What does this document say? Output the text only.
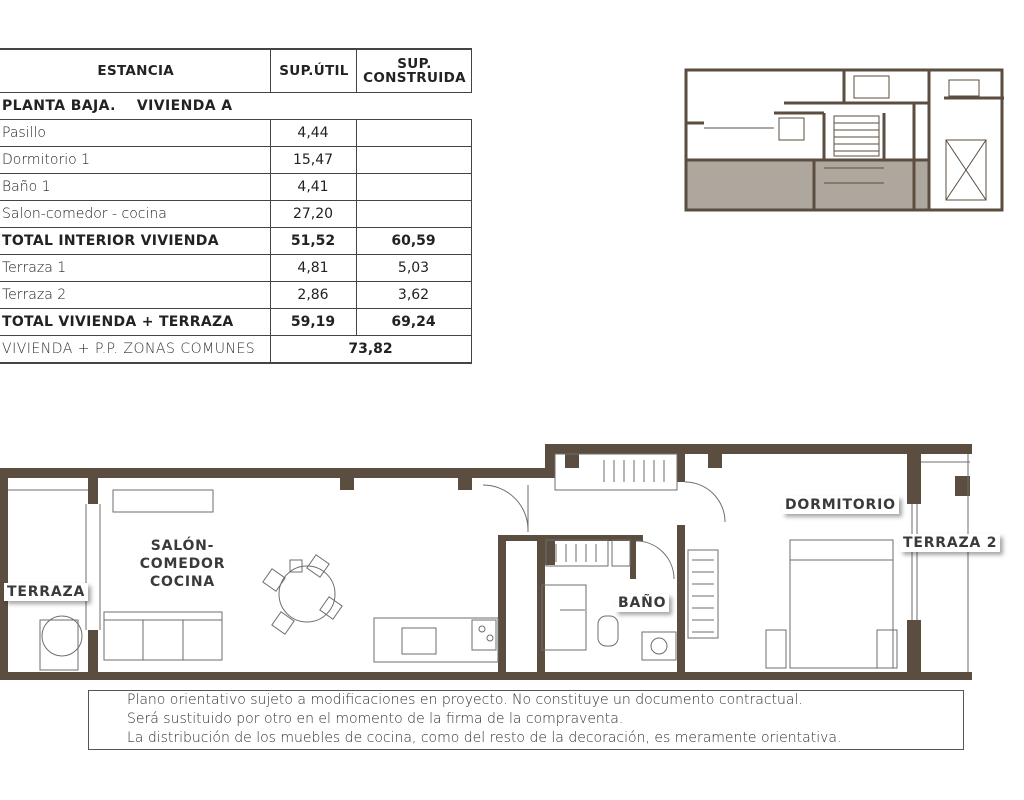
ESTANCIA	SUP.ÚTIL	SUP.
CONSTRUIDA
PLANTA BAJA.    VIVIENDA A		
Pasillo	4,44	
Dormitorio 1	15,47	
Baño 1	4,41	
Salon-comedor - cocina	27,20	
TOTAL INTERIOR VIVIENDA	51,52	60,59
Terraza 1	4,81	5,03
Terraza 2	2,86	3,62
TOTAL VIVIENDA + TERRAZA	59,19	69,24
VIVIENDA + P.P. ZONAS COMUNES	73,82	
SALÓN-COMEDOR
COCINA
TERRAZA
BAÑO
DORMITORIO
TERRAZA 2
Plano orientativo sujeto a modificaciones en proyecto. No constituye un documento contractual.
Será sustituido por otro en el momento de la firma de la compraventa.
La distribución de los muebles de cocina, como del resto de la decoración, es meramente orientativa.
